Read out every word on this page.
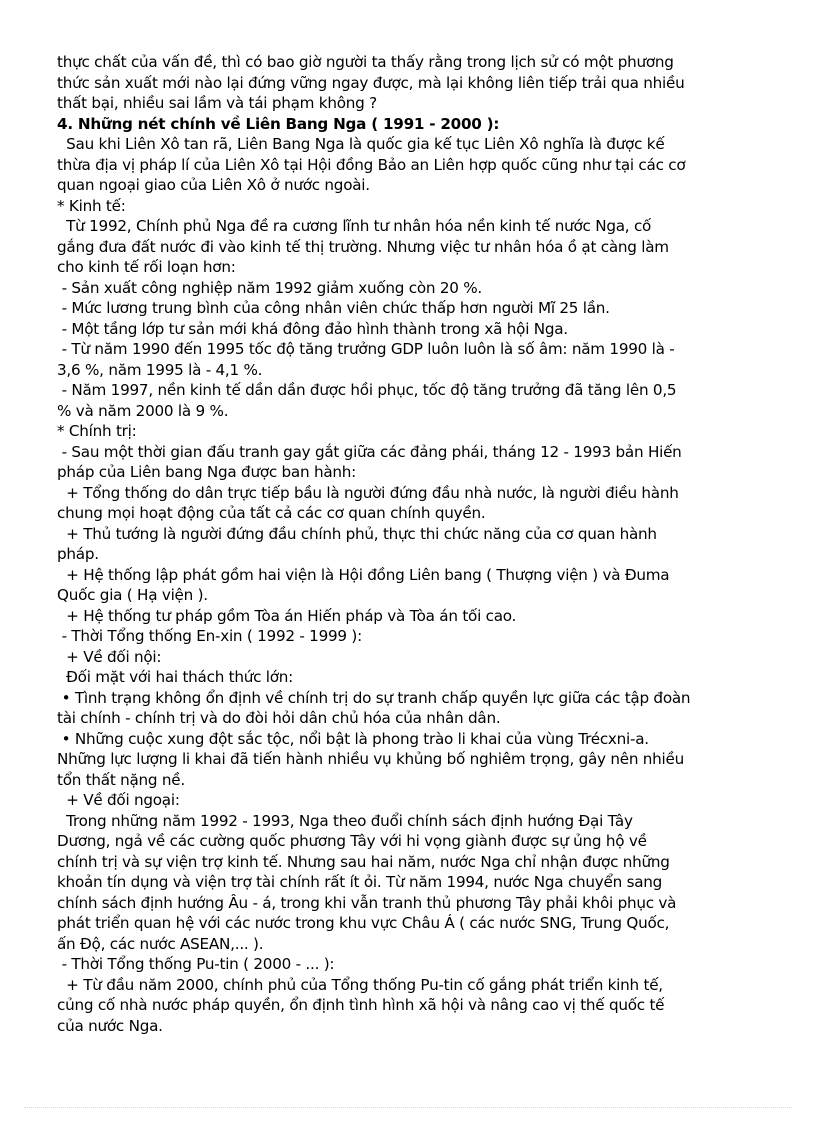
thực chất của vấn đề, thì có bao giờ người ta thấy rằng trong lịch sử có một phương
thức sản xuất mới nào lại đứng vững ngay được, mà lại không liên tiếp trải qua nhiều
thất bại, nhiều sai lầm và tái phạm không ?
4. Những nét chính về Liên Bang Nga ( 1991 - 2000 ):
Sau khi Liên Xô tan rã, Liên Bang Nga là quốc gia kế tục Liên Xô nghĩa là được kế
thừa địa vị pháp lí của Liên Xô tại Hội đồng Bảo an Liên hợp quốc cũng như tại các cơ
quan ngoại giao của Liên Xô ở nước ngoài.
* Kinh tế:
Từ 1992, Chính phủ Nga đề ra cương lĩnh tư nhân hóa nền kinh tế nước Nga, cố
gắng đưa đất nước đi vào kinh tế thị trường. Nhưng việc tư nhân hóa ồ ạt càng làm
cho kinh tế rối loạn hơn:
- Sản xuất công nghiệp năm 1992 giảm xuống còn 20 %.
- Mức lương trung bình của công nhân viên chức thấp hơn người Mĩ 25 lần.
- Một tầng lớp tư sản mới khá đông đảo hình thành trong xã hội Nga.
- Từ năm 1990 đến 1995 tốc độ tăng trưởng GDP luôn luôn là số âm: năm 1990 là -
3,6 %, năm 1995 là - 4,1 %.
- Năm 1997, nền kinh tế dần dần được hồi phục, tốc độ tăng trưởng đã tăng lên 0,5
% và năm 2000 là 9 %.
* Chính trị:
- Sau một thời gian đấu tranh gay gắt giữa các đảng phái, tháng 12 - 1993 bản Hiến
pháp của Liên bang Nga được ban hành:
+ Tổng thống do dân trực tiếp bầu là người đứng đầu nhà nước, là người điều hành
chung mọi hoạt động của tất cả các cơ quan chính quyền.
+ Thủ tướng là người đứng đầu chính phủ, thực thi chức năng của cơ quan hành
pháp.
+ Hệ thống lập phát gồm hai viện là Hội đồng Liên bang ( Thượng viện ) và Đuma
Quốc gia ( Hạ viện ).
+ Hệ thống tư pháp gồm Tòa án Hiến pháp và Tòa án tối cao.
- Thời Tổng thống En-xin ( 1992 - 1999 ):
+ Về đối nội:
Đối mặt với hai thách thức lớn:
• Tình trạng không ổn định về chính trị do sự tranh chấp quyền lực giữa các tập đoàn
tài chính - chính trị và do đòi hỏi dân chủ hóa của nhân dân.
• Những cuộc xung đột sắc tộc, nổi bật là phong trào li khai của vùng Trécxni-a.
Những lực lượng li khai đã tiến hành nhiều vụ khủng bố nghiêm trọng, gây nên nhiều
tổn thất nặng nề.
+ Về đối ngoại:
Trong những năm 1992 - 1993, Nga theo đuổi chính sách định hướng Đại Tây
Dương, ngả về các cường quốc phương Tây với hi vọng giành được sự ủng hộ về
chính trị và sự viện trợ kinh tế. Nhưng sau hai năm, nước Nga chỉ nhận được những
khoản tín dụng và viện trợ tài chính rất ít ỏi. Từ năm 1994, nước Nga chuyển sang
chính sách định hướng Âu - á, trong khi vẫn tranh thủ phương Tây phải khôi phục và
phát triển quan hệ với các nước trong khu vực Châu Á ( các nước SNG, Trung Quốc,
ấn Độ, các nước ASEAN,... ).
- Thời Tổng thống Pu-tin ( 2000 - ... ):
+ Từ đầu năm 2000, chính phủ của Tổng thống Pu-tin cố gắng phát triển kinh tế,
củng cố nhà nước pháp quyền, ổn định tình hình xã hội và nâng cao vị thế quốc tế
của nước Nga.
